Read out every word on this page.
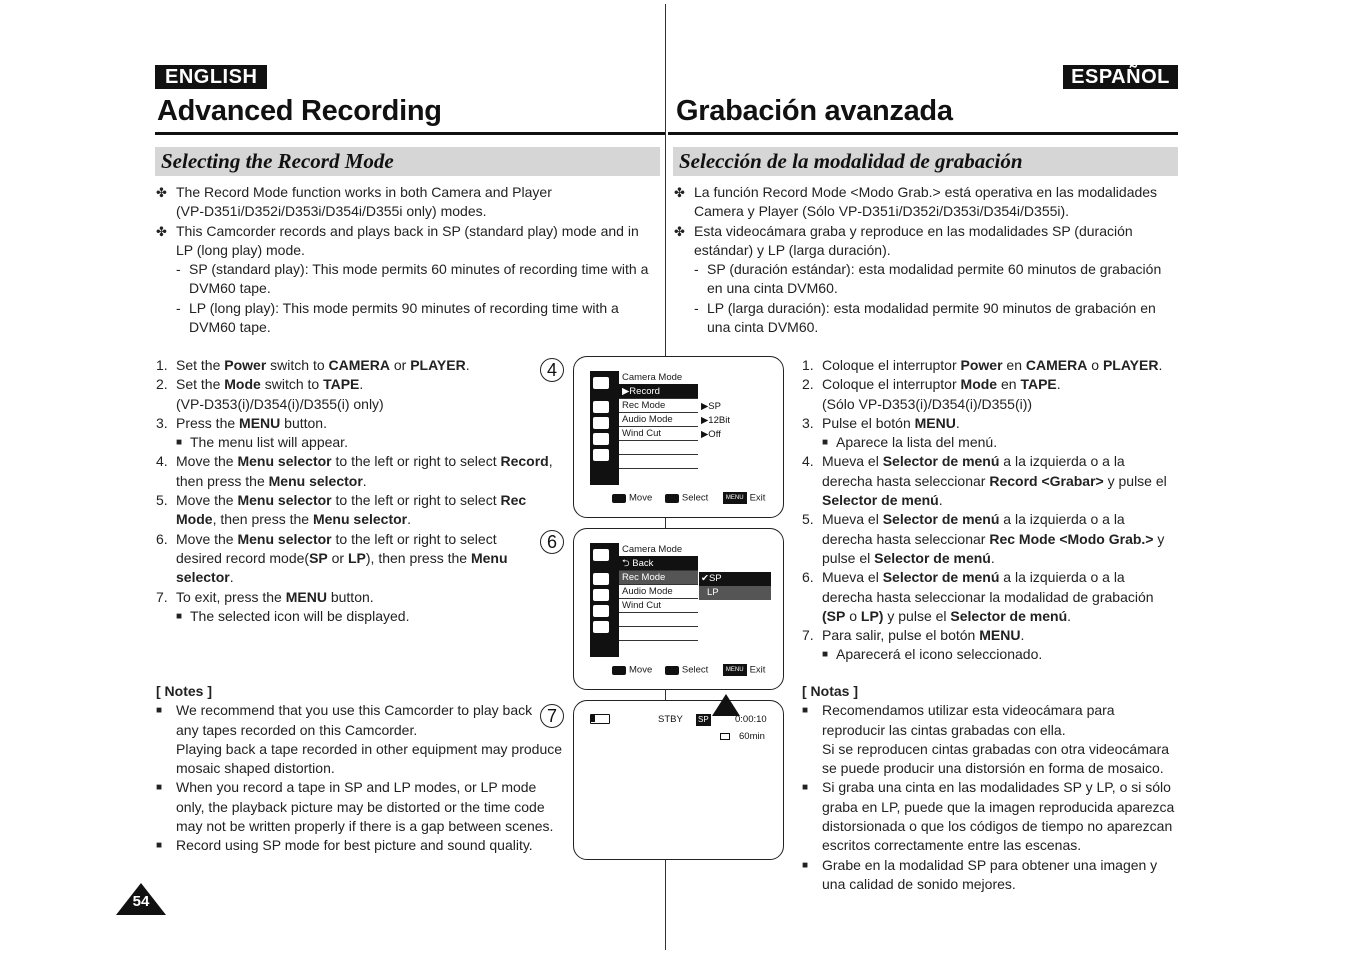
ENGLISH	ESPAÑOL
Advanced Recording	Grabación avanzada
Selecting the Record Mode	Selección de la modalidad de grabación
✤ The Record Mode function works in both Camera and Player
(VP-D351i/D352i/D353i/D354i/D355i only) modes.
✤ This Camcorder records and plays back in SP (standard play) mode and in
LP (long play) mode.
- SP (standard play): This mode permits 60 minutes of recording time with a
DVM60 tape.
- LP (long play): This mode permits 90 minutes of recording time with a
DVM60 tape.
✤ La función Record Mode <Modo Grab.> está operativa en las modalidades
Camera y Player (Sólo VP-D351i/D352i/D353i/D354i/D355i).
✤ Esta videocámara graba y reproduce en las modalidades SP (duración
estándar) y LP (larga duración).
- SP (duración estándar): esta modalidad permite 60 minutos de grabación
en una cinta DVM60.
- LP (larga duración): esta modalidad permite 90 minutos de grabación en
una cinta DVM60.
1. Set the Power switch to CAMERA or PLAYER.
2. Set the Mode switch to TAPE.
(VP-D353(i)/D354(i)/D355(i) only)
3. Press the MENU button.
■ The menu list will appear.
4. Move the Menu selector to the left or right to select Record,
then press the Menu selector.
5. Move the Menu selector to the left or right to select Rec
Mode, then press the Menu selector.
6. Move the Menu selector to the left or right to select
desired record mode(SP or LP), then press the Menu
selector.
7. To exit, press the MENU button.
■ The selected icon will be displayed.
1. Coloque el interruptor Power en CAMERA o PLAYER.
2. Coloque el interruptor Mode en TAPE.
(Sólo VP-D353(i)/D354(i)/D355(i))
3. Pulse el botón MENU.
■ Aparece la lista del menú.
4. Mueva el Selector de menú a la izquierda o a la
derecha hasta seleccionar Record <Grabar> y pulse el
Selector de menú.
5. Mueva el Selector de menú a la izquierda o a la
derecha hasta seleccionar Rec Mode <Modo Grab.> y
pulse el Selector de menú.
6. Mueva el Selector de menú a la izquierda o a la
derecha hasta seleccionar la modalidad de grabación
(SP o LP) y pulse el Selector de menú.
7. Para salir, pulse el botón MENU.
■ Aparecerá el icono seleccionado.
[ Notes ]
■ We recommend that you use this Camcorder to play back
any tapes recorded on this Camcorder.
Playing back a tape recorded in other equipment may produce
mosaic shaped distortion.
■ When you record a tape in SP and LP modes, or LP mode
only, the playback picture may be distorted or the time code
may not be written properly if there is a gap between scenes.
■ Record using SP mode for best picture and sound quality.
[ Notas ]
■ Recomendamos utilizar esta videocámara para
reproducir las cintas grabadas con ella.
Si se reproducen cintas grabadas con otra videocámara
se puede producir una distorsión en forma de mosaico.
■ Si graba una cinta en las modalidades SP y LP, o si sólo
graba en LP, puede que la imagen reproducida aparezca
distorsionada o que los códigos de tiempo no aparezcan
escritos correctamente entre las escenas.
■ Grabe en la modalidad SP para obtener una imagen y
una calidad de sonido mejores.
Camera Mode
▶Record
Rec Mode
Audio Mode
Wind Cut
▶SP
▶12Bit
▶Off
Move	Select	MENU Exit
4
Camera Mode
⮌ Back
Rec Mode
Audio Mode
Wind Cut
✔SP
LP
Move	Select	MENU Exit
6
STBY SP	0:00:10
60min
7
54
